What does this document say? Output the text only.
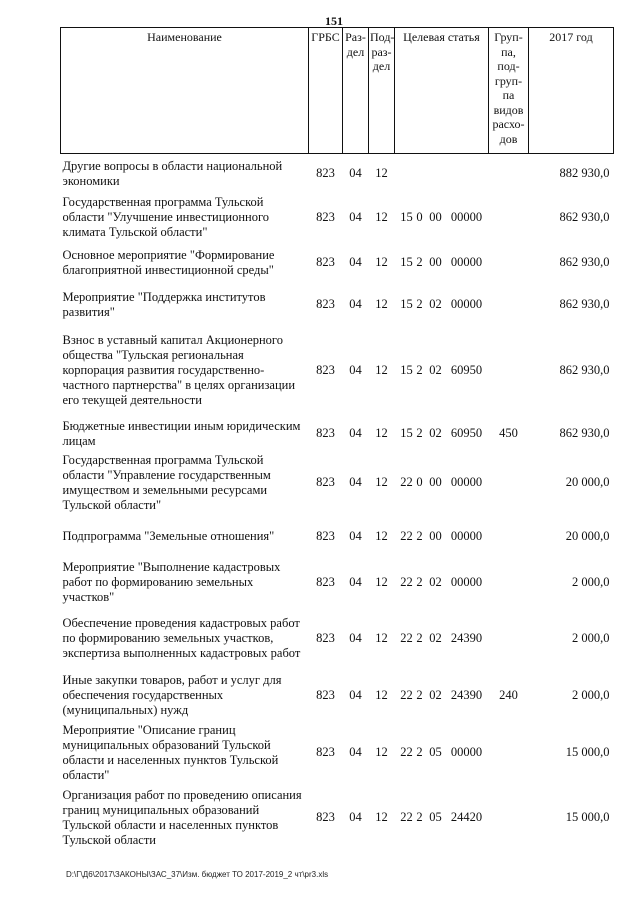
151
Наименование	ГРБС	Раз-дел	Под-раз-дел	Целевая статья	Груп-па, под-груп-па видов расхо-дов	2017 год
Другие вопросы в области национальной экономики	823	04	12			882 930,0
Государственная программа Тульской области "Улучшение инвестиционного климата Тульской области"	823	04	12	15 0 00 00000		862 930,0
Основное мероприятие "Формирование благоприятной инвестиционной среды"	823	04	12	15 2 00 00000		862 930,0
Мероприятие "Поддержка институтов развития"	823	04	12	15 2 02 00000		862 930,0
Взнос в уставный капитал Акционерного общества "Тульская региональная корпорация развития государственно-частного партнерства" в целях организации его текущей деятельности	823	04	12	15 2 02 60950		862 930,0
Бюджетные инвестиции иным юридическим лицам	823	04	12	15 2 02 60950	450	862 930,0
Государственная программа Тульской области "Управление государственным имуществом и земельными ресурсами Тульской области"	823	04	12	22 0 00 00000		20 000,0
Подпрограмма "Земельные отношения"	823	04	12	22 2 00 00000		20 000,0
Мероприятие "Выполнение кадастровых работ по формированию земельных участков"	823	04	12	22 2 02 00000		2 000,0
Обеспечение проведения кадастровых работ по формированию земельных участков, экспертиза выполненных кадастровых работ	823	04	12	22 2 02 24390		2 000,0
Иные закупки товаров, работ и услуг для обеспечения государственных (муниципальных) нужд	823	04	12	22 2 02 24390	240	2 000,0
Мероприятие "Описание границ муниципальных образований Тульской области и населенных пунктов Тульской области"	823	04	12	22 2 05 00000		15 000,0
Организация работ по проведению описания границ муниципальных образований Тульской области и населенных пунктов Тульской области	823	04	12	22 2 05 24420		15 000,0
D:\Г\Д6\2017\ЗАКОНЫ\ЗАС_37\Изм. бюджет ТО 2017-2019_2 чт\pr3.xls
